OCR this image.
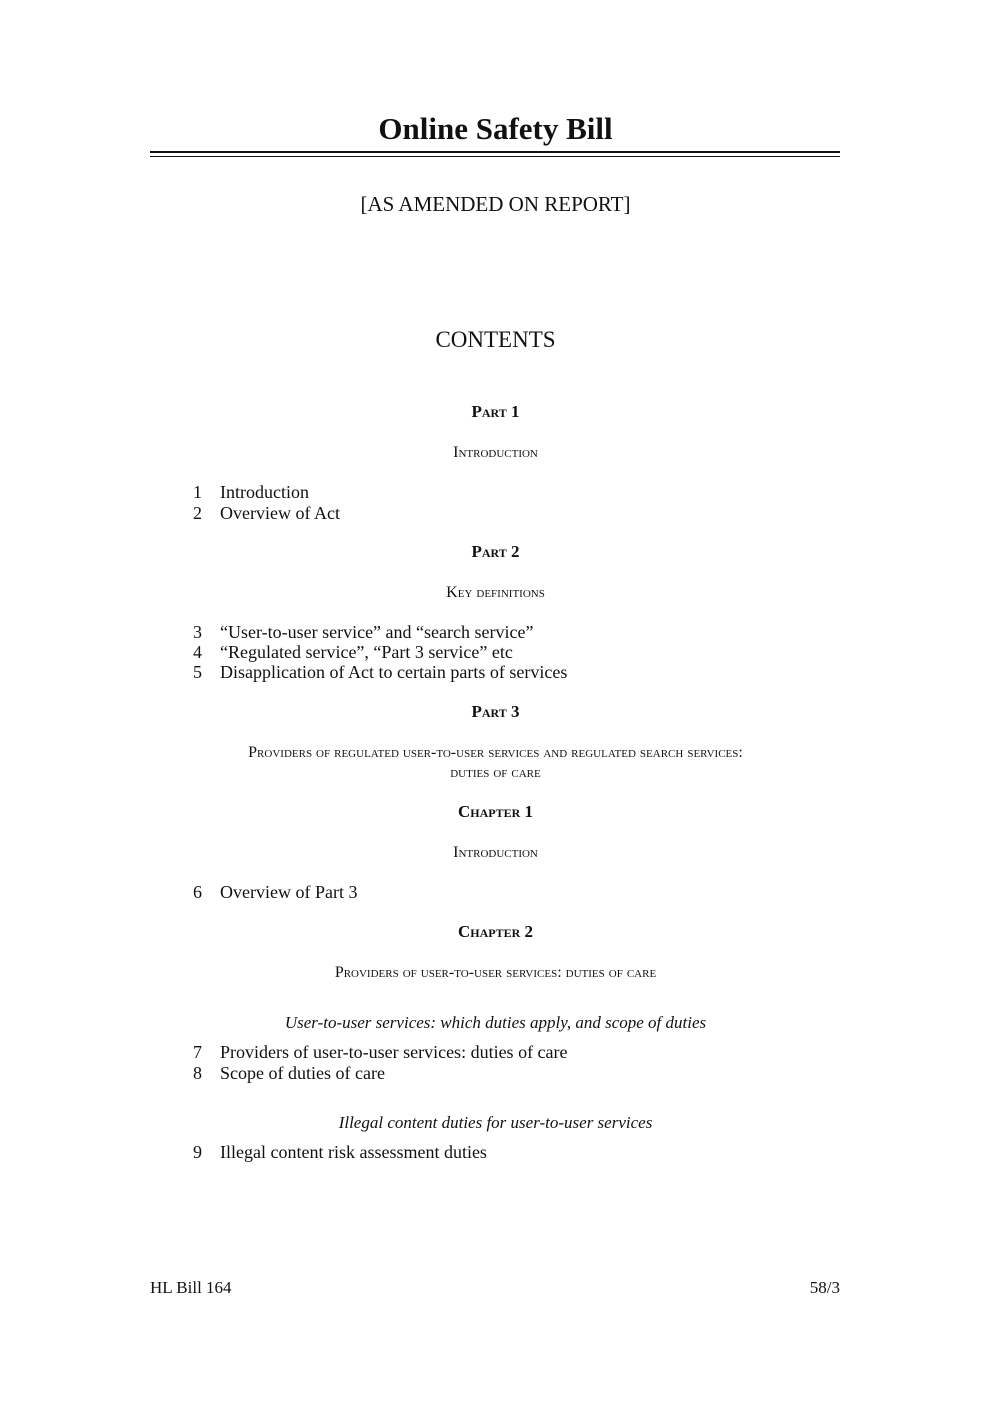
Online Safety Bill
[AS AMENDED ON REPORT]
CONTENTS
Part 1
Introduction
1 Introduction
2 Overview of Act
Part 2
Key definitions
3 “User-to-user service” and “search service”
4 “Regulated service”, “Part 3 service” etc
5 Disapplication of Act to certain parts of services
Part 3
Providers of regulated user-to-user services and regulated search services:
duties of care
Chapter 1
Introduction
6 Overview of Part 3
Chapter 2
Providers of user-to-user services: duties of care
User-to-user services: which duties apply, and scope of duties
7 Providers of user-to-user services: duties of care
8 Scope of duties of care
Illegal content duties for user-to-user services
9 Illegal content risk assessment duties
HL Bill 164	58/3
